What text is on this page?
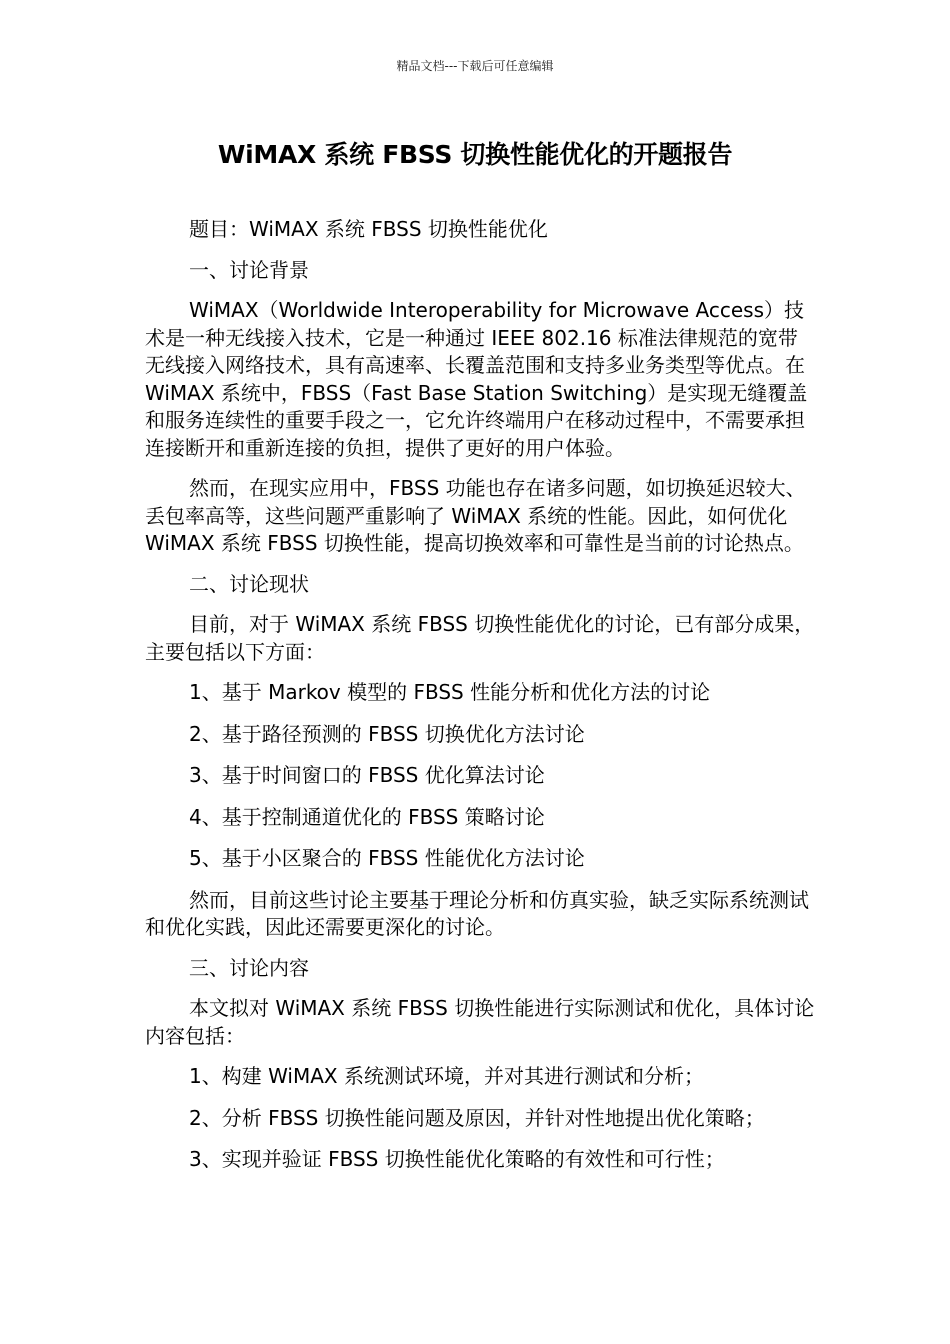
精品文档---下载后可任意编辑
WiMAX 系统 FBSS 切换性能优化的开题报告

题目：WiMAX 系统 FBSS 切换性能优化

一、讨论背景

WiMAX（Worldwide Interoperability for Microwave Access）技术是一种无线接入技术，它是一种通过 IEEE 802.16 标准法律规范的宽带无线接入网络技术，具有高速率、长覆盖范围和支持多业务类型等优点。在 WiMAX 系统中，FBSS（Fast Base Station Switching）是实现无缝覆盖和服务连续性的重要手段之一，它允许终端用户在移动过程中，不需要承担连接断开和重新连接的负担，提供了更好的用户体验。

然而，在现实应用中，FBSS 功能也存在诸多问题，如切换延迟较大、丢包率高等，这些问题严重影响了 WiMAX 系统的性能。因此，如何优化 WiMAX 系统 FBSS 切换性能，提高切换效率和可靠性是当前的讨论热点。

二、讨论现状

目前，对于 WiMAX 系统 FBSS 切换性能优化的讨论，已有部分成果，主要包括以下方面：

1、基于 Markov 模型的 FBSS 性能分析和优化方法的讨论

2、基于路径预测的 FBSS 切换优化方法讨论

3、基于时间窗口的 FBSS 优化算法讨论

4、基于控制通道优化的 FBSS 策略讨论

5、基于小区聚合的 FBSS 性能优化方法讨论

然而，目前这些讨论主要基于理论分析和仿真实验，缺乏实际系统测试和优化实践，因此还需要更深化的讨论。

三、讨论内容

本文拟对 WiMAX 系统 FBSS 切换性能进行实际测试和优化，具体讨论内容包括：

1、构建 WiMAX 系统测试环境，并对其进行测试和分析；

2、分析 FBSS 切换性能问题及原因，并针对性地提出优化策略；

3、实现并验证 FBSS 切换性能优化策略的有效性和可行性；
